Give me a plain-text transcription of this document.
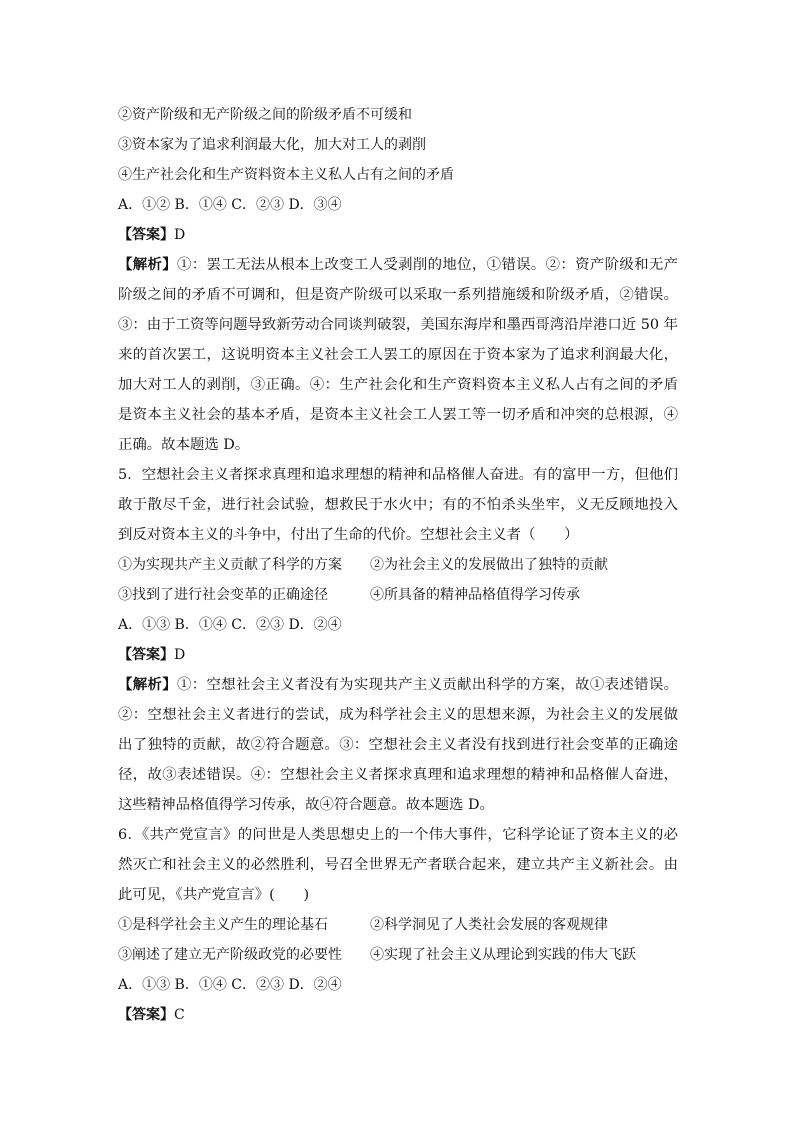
②资产阶级和无产阶级之间的阶级矛盾不可缓和
③资本家为了追求利润最大化，加大对工人的剥削
④生产社会化和生产资料资本主义私人占有之间的矛盾
A．①② B．①④ C．②③ D．③④
【答案】D

【解析】①：罢工无法从根本上改变工人受剥削的地位，①错误。②：资产阶级和无产阶级之间的矛盾不可调和，但是资产阶级可以采取一系列措施缓和阶级矛盾，②错误。③：由于工资等问题导致新劳动合同谈判破裂，美国东海岸和墨西哥湾沿岸港口近 50 年来的首次罢工，这说明资本主义社会工人罢工的原因在于资本家为了追求利润最大化，加大对工人的剥削，③正确。④：生产社会化和生产资料资本主义私人占有之间的矛盾是资本主义社会的基本矛盾，是资本主义社会工人罢工等一切矛盾和冲突的总根源，④正确。故本题选 D。

5．空想社会主义者探求真理和追求理想的精神和品格催人奋进。有的富甲一方，但他们敢于散尽千金，进行社会试验，想救民于水火中；有的不怕杀头坐牢，义无反顾地投入到反对资本主义的斗争中，付出了生命的代价。空想社会主义者（　　）

①为实现共产主义贡献了科学的方案	②为社会主义的发展做出了独特的贡献
③找到了进行社会变革的正确途径	④所具备的精神品格值得学习传承
A．①③ B．①④ C．②③ D．②④
【答案】D

【解析】①：空想社会主义者没有为实现共产主义贡献出科学的方案，故①表述错误。②：空想社会主义者进行的尝试，成为科学社会主义的思想来源，为社会主义的发展做出了独特的贡献，故②符合题意。③：空想社会主义者没有找到进行社会变革的正确途径，故③表述错误。④：空想社会主义者探求真理和追求理想的精神和品格催人奋进，这些精神品格值得学习传承，故④符合题意。故本题选 D。

6．《共产党宣言》的问世是人类思想史上的一个伟大事件，它科学论证了资本主义的必然灭亡和社会主义的必然胜利，号召全世界无产者联合起来，建立共产主义新社会。由此可见，《共产党宣言》(　　)

①是科学社会主义产生的理论基石	②科学洞见了人类社会发展的客观规律
③阐述了建立无产阶级政党的必要性	④实现了社会主义从理论到实践的伟大飞跃
A．①③ B．①④ C．②③ D．②④
【答案】C
